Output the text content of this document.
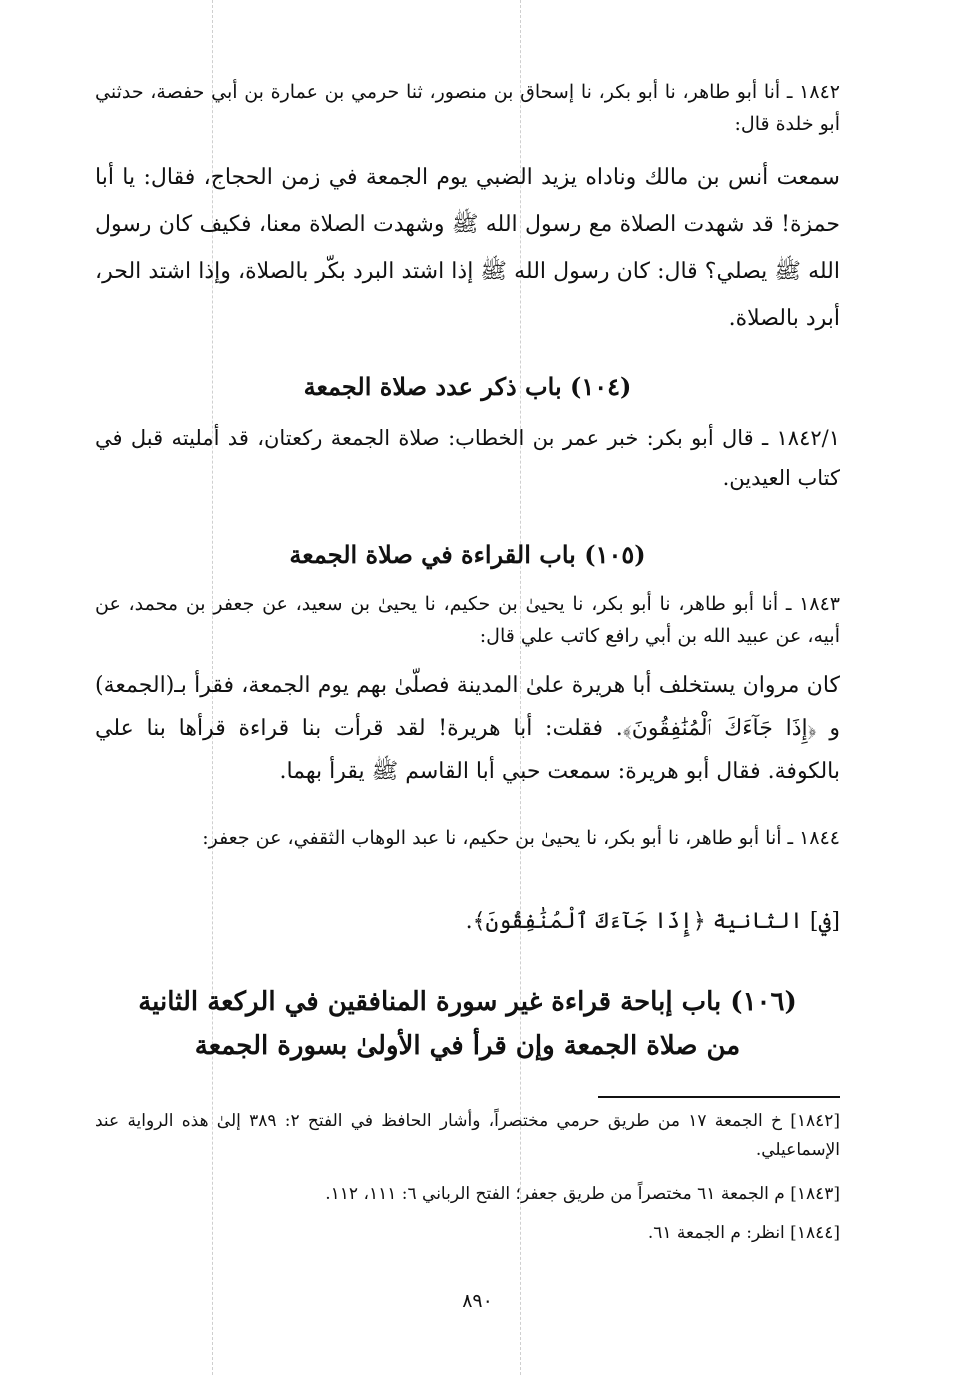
١٨٤٢ ـ أنا أبو طاهر، نا أبو بكر، نا إسحاق بن منصور، ثنا حرمي بن عمارة بن أبي حفصة، حدثني أبو خلدة قال:
سمعت أنس بن مالك وناداه يزيد الضبي يوم الجمعة في زمن الحجاج، فقال: يا أبا حمزة! قد شهدت الصلاة مع رسول الله ﷺ وشهدت الصلاة معنا، فكيف كان رسول الله ﷺ يصلي؟ قال: كان رسول الله ﷺ إذا اشتد البرد بكّر بالصلاة، وإذا اشتد الحر، أبرد بالصلاة.
(١٠٤) باب ذكر عدد صلاة الجمعة
١٨٤٢/١ ـ قال أبو بكر: خبر عمر بن الخطاب: صلاة الجمعة ركعتان، قد أمليته قبل في كتاب العيدين.
(١٠٥) باب القراءة في صلاة الجمعة
١٨٤٣ ـ أنا أبو طاهر، نا أبو بكر، نا يحيىٰ بن حكيم، نا يحيىٰ بن سعيد، عن جعفر بن محمد، عن أبيه، عن عبيد الله بن أبي رافع كاتب علي قال:
كان مروان يستخلف أبا هريرة علىٰ المدينة فصلّىٰ بهم يوم الجمعة، فقرأ بـ(الجمعة) و ﴿إِذَا جَآءَكَ ٱلْمُنَٰفِقُونَ﴾. فقلت: أبا هريرة! لقد قرأت بنا قراءة قرأها بنا علي بالكوفة. فقال أبو هريرة: سمعت حبي أبا القاسم ﷺ يقرأ بهما.
١٨٤٤ ـ أنا أبو طاهر، نا أبو بكر، نا يحيىٰ بن حكيم، نا عبد الوهاب الثقفي، عن جعفر:
[في] الثانية ﴿إِذَا جَآءَكَ ٱلْمُنَٰفِقُونَ﴾.
(١٠٦) باب إباحة قراءة غير سورة المنافقين في الركعة الثانية
من صلاة الجمعة وإن قرأ في الأولىٰ بسورة الجمعة
[١٨٤٢] خ الجمعة ١٧ من طريق حرمي مختصراً، وأشار الحافظ في الفتح ٢: ٣٨٩ إلىٰ هذه الرواية عند الإسماعيلي.
[١٨٤٣] م الجمعة ٦١ مختصراً من طريق جعفر؛ الفتح الرباني ٦: ١١١، ١١٢.
[١٨٤٤] انظر: م الجمعة ٦١.
٨٩٠
